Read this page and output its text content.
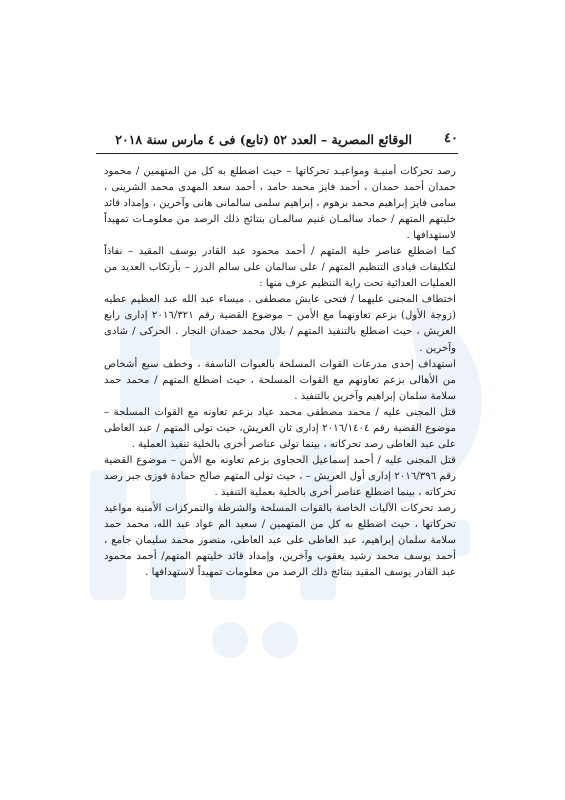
٤٠
الوقائع المصرية – العدد ٥٢ (تابع) فى ٤ مارس سنة ٢٠١٨

رصد تحركات أمنيـة ومواعيـد تحركاتها – حيث اضطلع به كل من المتهمين / محمود حمدان أحمد حمدان ، أحمد فايز محمد حامد ، أحمد سعد المهدى محمد الشرينى ، سامى فايز إبراهيم محمد برهوم ، إبراهيم سلمى سالمانى هانى وآخرين ، وإمداد قائد خليتهم المتهم / حماد سالمـان غنيم سالمـان بنتائج ذلك الرصد من معلومـات تمهيداً لاستهدافها .

كما اضطلع عناصر خلية المتهم / أحمد محمود عبد القادر يوسف المقيد – نفاذاً لتكليفات قيادى التنظيم المتهم / على سالمان على سالم الدرز – بأرتكاب العديد من العمليات العدائية تحت راية التنظيم عرف منها :

اختطاف المجنى عليهما / فتحى عايش مصطفى . ميساء عبد الله عبد العظيم عطيه (زوجة الأول) بزعم تعاونهما مع الأمن – موضوع القضية رقم ٢٠١٦/٣٢١ إدارى رابع العريش ، حيث اضطلع بالتنفيذ المتهم / بلال محمد حمدان النجار . الحركى / شادى وآخرين .

استهداف إحدى مدرعات القوات المسلحة بالعبوات الناسفة ، وخطف سبع أشخاص من الأهالى بزعم تعاونهم مع القوات المسلحة ، حيث اضطلع المتهم / محمد حمد سلامة سلمان إبراهيم وآخرين بالتنفيذ .

قتل المجنى عليه / محمد مصطفى محمد عياد بزعم تعاونه مع القوات المسلحة – موضوع القضية رقم ٢٠١٦/١٤٠٤ إدارى ثان العريش، حيث تولى المتهم / عبد العاطى على عبد العاطى رصد تحركاته ، بينما تولى عناصر أخرى بالخلية تنفيذ العملية .

قتل المجنى عليه / أحمد إسماعيل الحجاوى بزعم تعاونه مع الأمن – موضوع القضية رقم ٢٠١٦/٣٩٦ إدارى أول العريش – ، حيث تولى المتهم صالح حمادة فوزى جبر رصد تحركاته ، بينما اضطلع عناصر أخرى بالخلية بعملية التنفيذ .

رصد تحركات الآليات الخاصة بالقوات المسلحة والشرطة والتمركزات الأمنية مواعيد تحركاتها ، حيث اضطلع به كل من المتهمين / سعيد الم عواد عبد الله، محمد حمد سلامة سلمان إبراهيم، عبد العاطى على عبد العاطى، منصور محمد سليمان جامع ، أحمد يوسف محمد رشيد يعقوب وآخرين، وإمداد قائد خليتهم المتهم/ أحمد محمود عبد القادر يوسف المقيد بنتائج ذلك الرصد من معلومات تمهيداً لاستهدافها .
